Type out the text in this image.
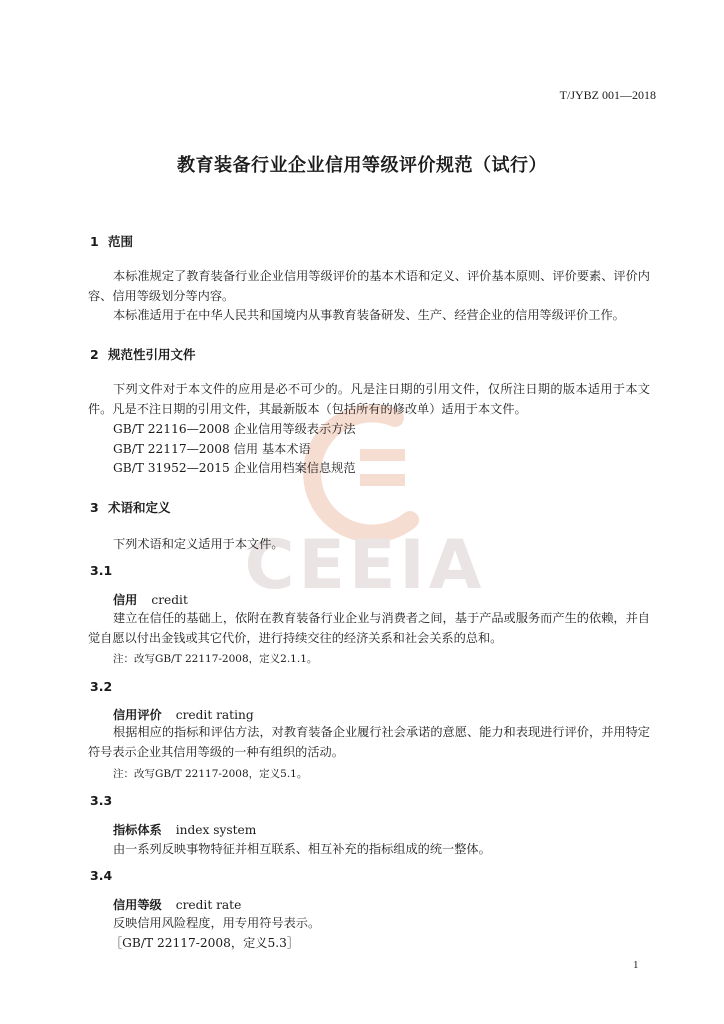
CEEIA
T/JYBZ 001—2018
教育装备行业企业信用等级评价规范（试行）
1 范围
本标准规定了教育装备行业企业信用等级评价的基本术语和定义、评价基本原则、评价要素、评价内容、信用等级划分等内容。
本标准适用于在中华人民共和国境内从事教育装备研发、生产、经营企业的信用等级评价工作。
2 规范性引用文件
下列文件对于本文件的应用是必不可少的。凡是注日期的引用文件，仅所注日期的版本适用于本文件。凡是不注日期的引用文件，其最新版本（包括所有的修改单）适用于本文件。
GB/T 22116—2008 企业信用等级表示方法
GB/T 22117—2008 信用 基本术语
GB/T 31952—2015 企业信用档案信息规范
3 术语和定义
下列术语和定义适用于本文件。
3.1
信用 credit
建立在信任的基础上，依附在教育装备行业企业与消费者之间，基于产品或服务而产生的依赖，并自觉自愿以付出金钱或其它代价，进行持续交往的经济关系和社会关系的总和。
注：改写GB/T 22117-2008，定义2.1.1。
3.2
信用评价 credit rating
根据相应的指标和评估方法，对教育装备企业履行社会承诺的意愿、能力和表现进行评价，并用特定符号表示企业其信用等级的一种有组织的活动。
注：改写GB/T 22117-2008，定义5.1。
3.3
指标体系 index system
由一系列反映事物特征并相互联系、相互补充的指标组成的统一整体。
3.4
信用等级 credit rate
反映信用风险程度，用专用符号表示。
［GB/T 22117-2008，定义5.3］
1
